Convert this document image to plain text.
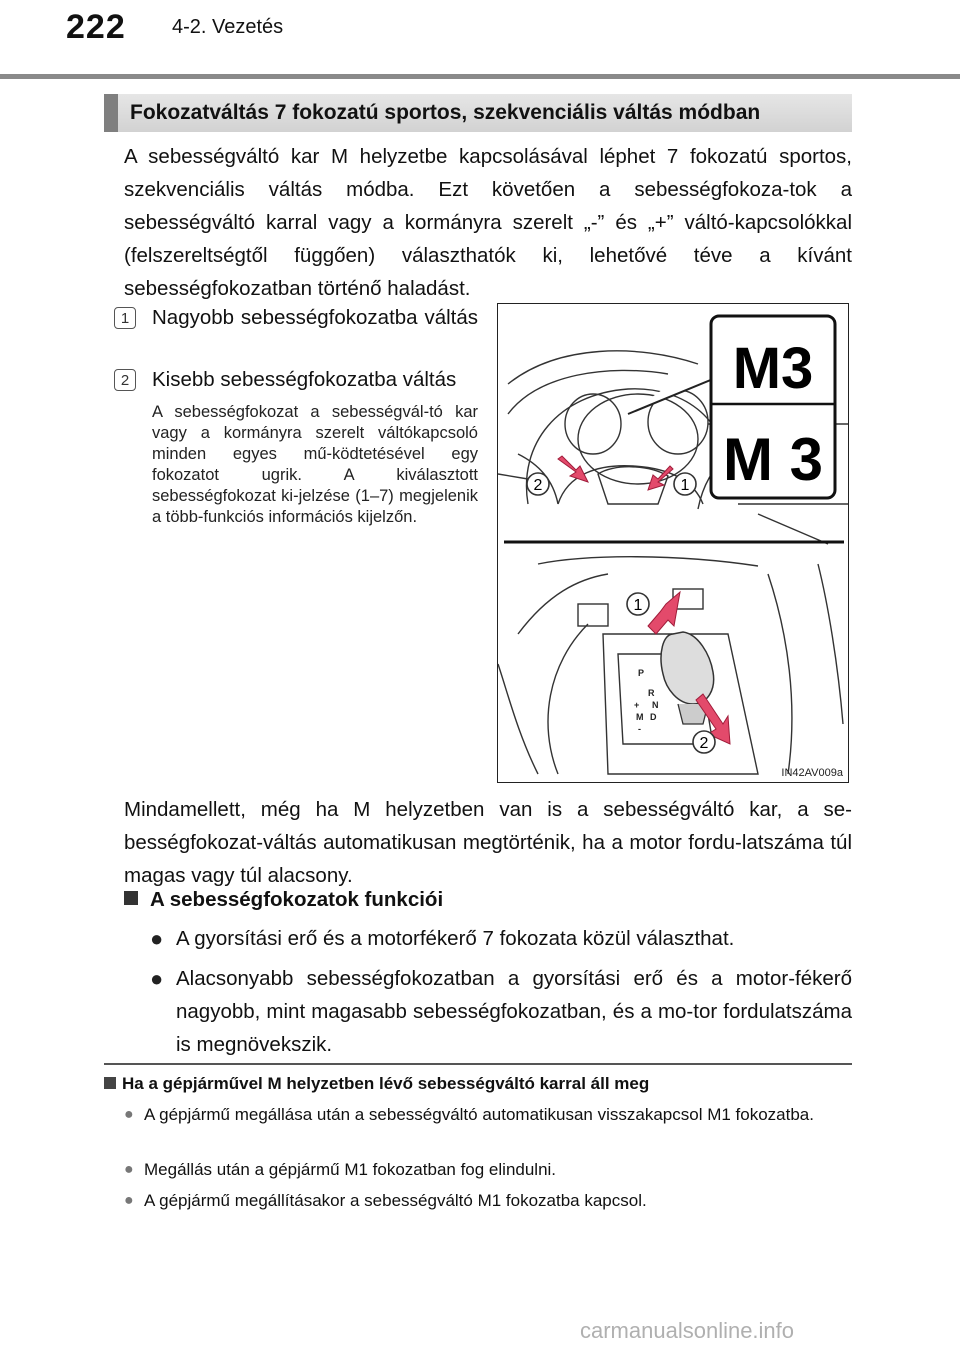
222 4-2. Vezetés
Fokozatváltás 7 fokozatú sportos, szekvenciális váltás módban
A sebességváltó kar M helyzetbe kapcsolásával léphet 7 fokozatú sportos, szekvenciális váltás módba. Ezt követően a sebességfokoza-tok a sebességváltó karral vagy a kormányra szerelt „-” és „+” váltó-kapcsolókkal (felszereltségtől függően) választhatók ki, lehetővé téve a kívánt sebességfokozatban történő haladást.
1	Nagyobb sebességfokozatba váltás
2	Kisebb sebességfokozatba váltás
A sebességfokozat a sebességvál-tó kar vagy a kormányra szerelt váltókapcsoló minden egyes mű-ködtetésével egy fokozatot ugrik. A kiválasztott sebességfokozat ki-jelzése (1–7) megjelenik a több-funkciós információs kijelzőn.
2	1
M3
M 3
P
R
N
D
M
+
-
1
2
IN42AV009a
Mindamellett, még ha M helyzetben van is a sebességváltó kar, a se-bességfokozat-váltás automatikusan megtörténik, ha a motor fordu-latszáma túl magas vagy túl alacsony.
A sebességfokozatok funkciói
● A gyorsítási erő és a motorfékerő 7 fokozata közül választhat.
● Alacsonyabb sebességfokozatban a gyorsítási erő és a motor-fékerő nagyobb, mint magasabb sebességfokozatban, és a mo-tor fordulatszáma is megnövekszik.
Ha a gépjárművel M helyzetben lévő sebességváltó karral áll meg
● A gépjármű megállása után a sebességváltó automatikusan visszakapcsol M1 fokozatba.
● Megállás után a gépjármű M1 fokozatban fog elindulni.
● A gépjármű megállításakor a sebességváltó M1 fokozatba kapcsol.
carmanualsonline.info
